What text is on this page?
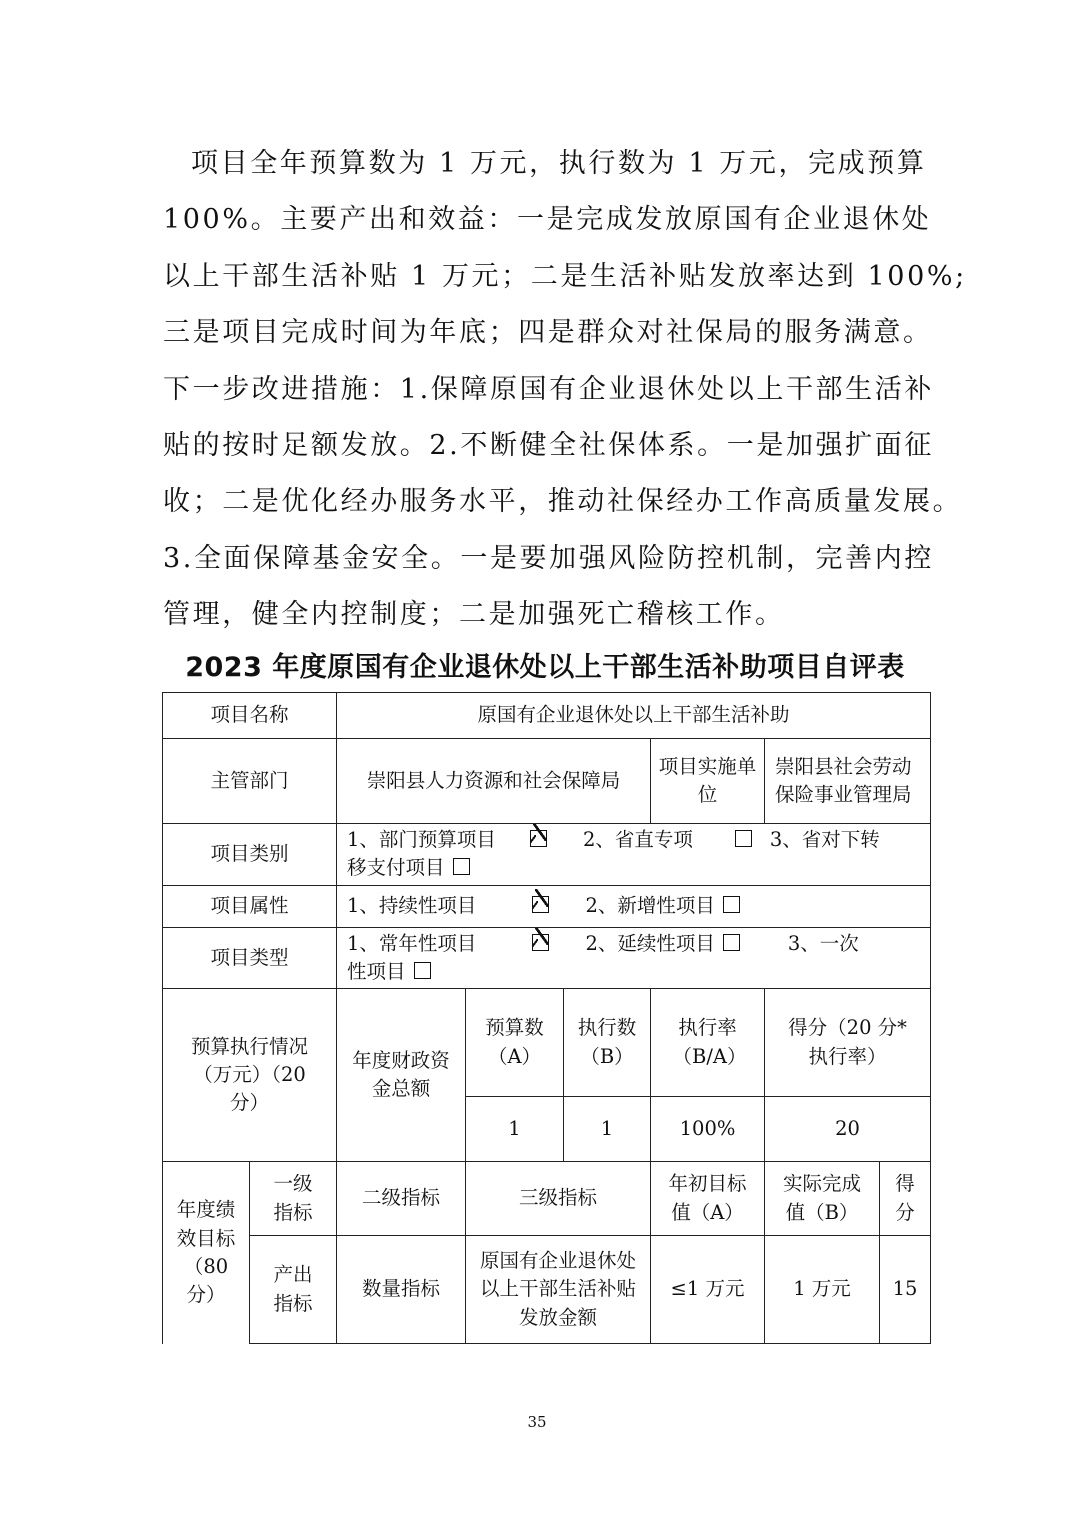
项目全年预算数为 1 万元，执行数为 1 万元，完成预算

100%。主要产出和效益：一是完成发放原国有企业退休处

以上干部生活补贴 1 万元；二是生活补贴发放率达到 100%;

三是项目完成时间为年底；四是群众对社保局的服务满意。

下一步改进措施：1.保障原国有企业退休处以上干部生活补

贴的按时足额发放。2.不断健全社保体系。一是加强扩面征

收；二是优化经办服务水平，推动社保经办工作高质量发展。

3.全面保障基金安全。一是要加强风险防控机制，完善内控

管理，健全内控制度；二是加强死亡稽核工作。

2023 年度原国有企业退休处以上干部生活补助项目自评表
项目名称		原国有企业退休处以上干部生活补助					
主管部门		崇阳县人力资源和社会保障局			项目实施单位	崇阳县社会劳动保险事业管理局	
项目类别		1、部门预算项目 2、省直专项 3、省对下转
移支付项目					
项目属性		1、持续性项目 2、新增性项目					
项目类型		1、常年性项目 2、延续性项目 3、一次
性项目					
预算执行情况（万元）（20 分）		年度财政资金总额	预算数（A）	执行数（B）	执行率（B/A）	得分（20 分*执行率）	
			1	1	100%	20	
年度绩效目标（80 分）	一级指标	二级指标	三级指标		年初目标值（A）	实际完成值（B）	得分
	产出指标	数量指标	原国有企业退休处以上干部生活补贴发放金额		≤1 万元	1 万元	15
35
